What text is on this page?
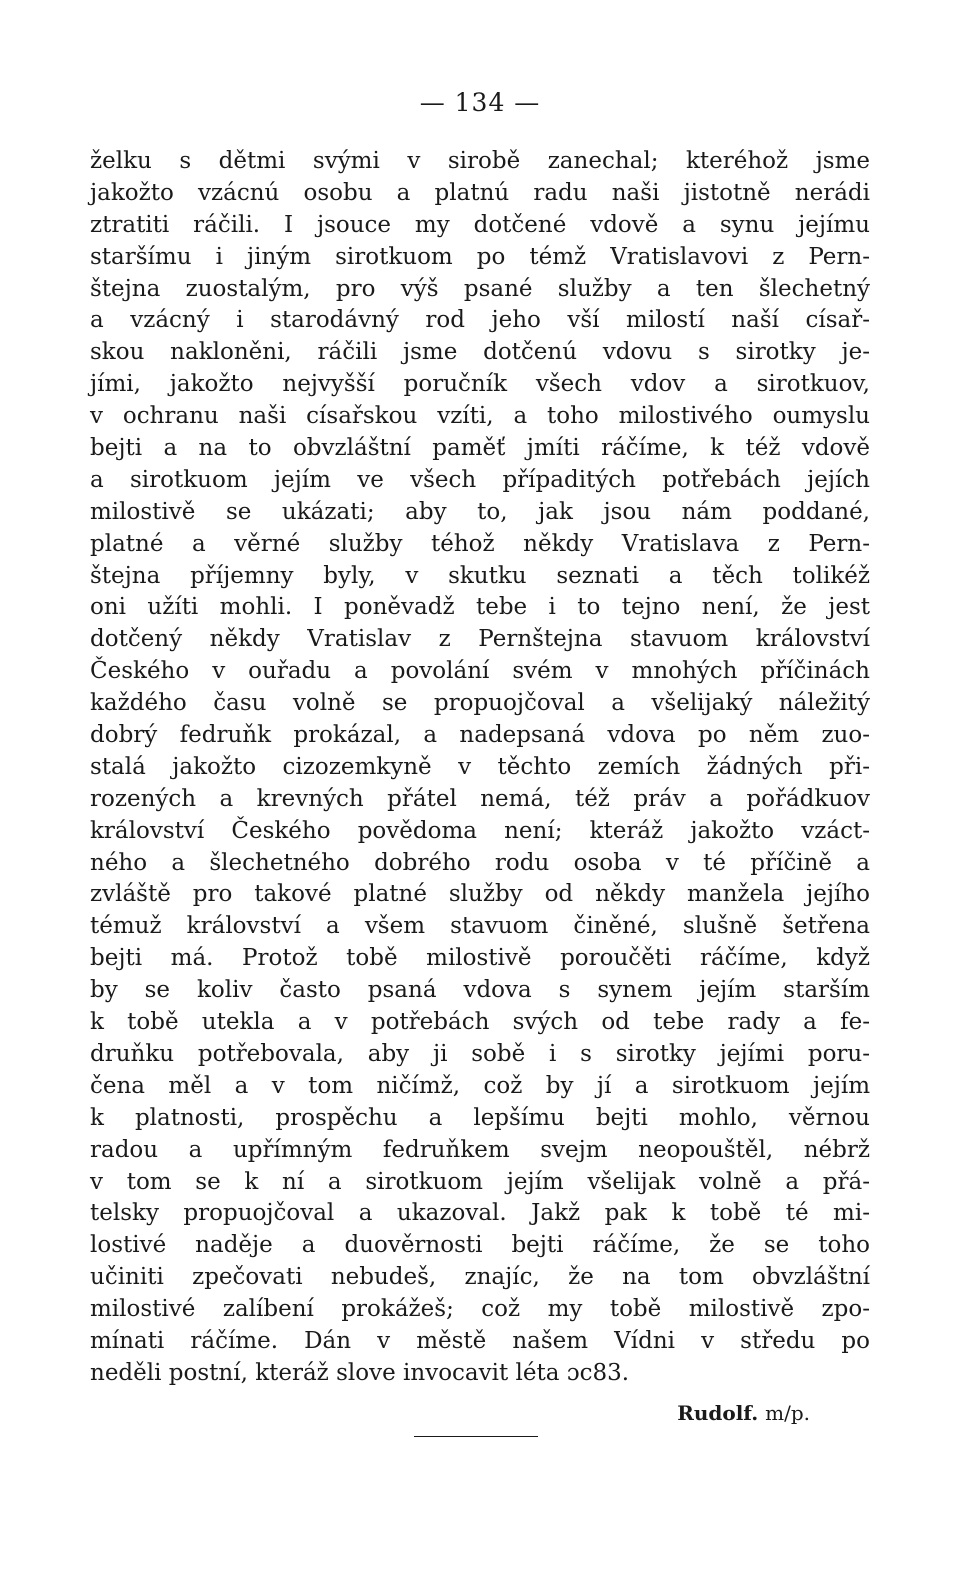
— 134 —
želku s dětmi svými v sirobě zanechal; kteréhož jsme
jakožto vzácnú osobu a platnú radu naši jistotně nerádi
ztratiti ráčili. I jsouce my dotčené vdově a synu jejímu
staršímu i jiným sirotkuom po témž Vratislavovi z Pern-
štejna zuostalým, pro výš psané služby a ten šlechetný
a vzácný i starodávný rod jeho vší milostí naší císař-
skou nakloněni, ráčili jsme dotčenú vdovu s sirotky je-
jími, jakožto nejvyšší poručník všech vdov a sirotkuov,
v ochranu naši císařskou vzíti, a toho milostivého oumyslu
bejti a na to obvzláštní paměť jmíti ráčíme, k též vdově
a sirotkuom jejím ve všech případitých potřebách jejích
milostivě se ukázati; aby to, jak jsou nám poddané,
platné a věrné služby téhož někdy Vratislava z Pern-
štejna příjemny byly, v skutku seznati a těch tolikéž
oni užíti mohli. I poněvadž tebe i to tejno není, že jest
dotčený někdy Vratislav z Pernštejna stavuom království
Českého v ouřadu a povolání svém v mnohých příčinách
každého času volně se propuojčoval a všelijaký náležitý
dobrý fedruňk prokázal, a nadepsaná vdova po něm zuo-
stalá jakožto cizozemkyně v těchto zemích žádných při-
rozených a krevných přátel nemá, též práv a pořádkuov
království Českého povědoma není; kteráž jakožto vzáct-
ného a šlechetného dobrého rodu osoba v té příčině a
zvláště pro takové platné služby od někdy manžela jejího
témuž království a všem stavuom činěné, slušně šetřena
bejti má. Protož tobě milostivě poroučěti ráčíme, když
by se koliv často psaná vdova s synem jejím starším
k tobě utekla a v potřebách svých od tebe rady a fe-
druňku potřebovala, aby ji sobě i s sirotky jejími poru-
čena měl a v tom ničímž, což by jí a sirotkuom jejím
k platnosti, prospěchu a lepšímu bejti mohlo, věrnou
radou a upřímným fedruňkem svejm neopouštěl, nébrž
v tom se k ní a sirotkuom jejím všelijak volně a přá-
telsky propuojčoval a ukazoval. Jakž pak k tobě té mi-
lostivé naděje a duověrnosti bejti ráčíme, že se toho
učiniti zpečovati nebudeš, znajíc, že na tom obvzláštní
milostivé zalíbení prokážeš; což my tobě milostivě zpo-
mínati ráčíme. Dán v městě našem Vídni v středu po
neděli postní, kteráž slove invocavit léta ɔc83.
Rudolf. m/p.
